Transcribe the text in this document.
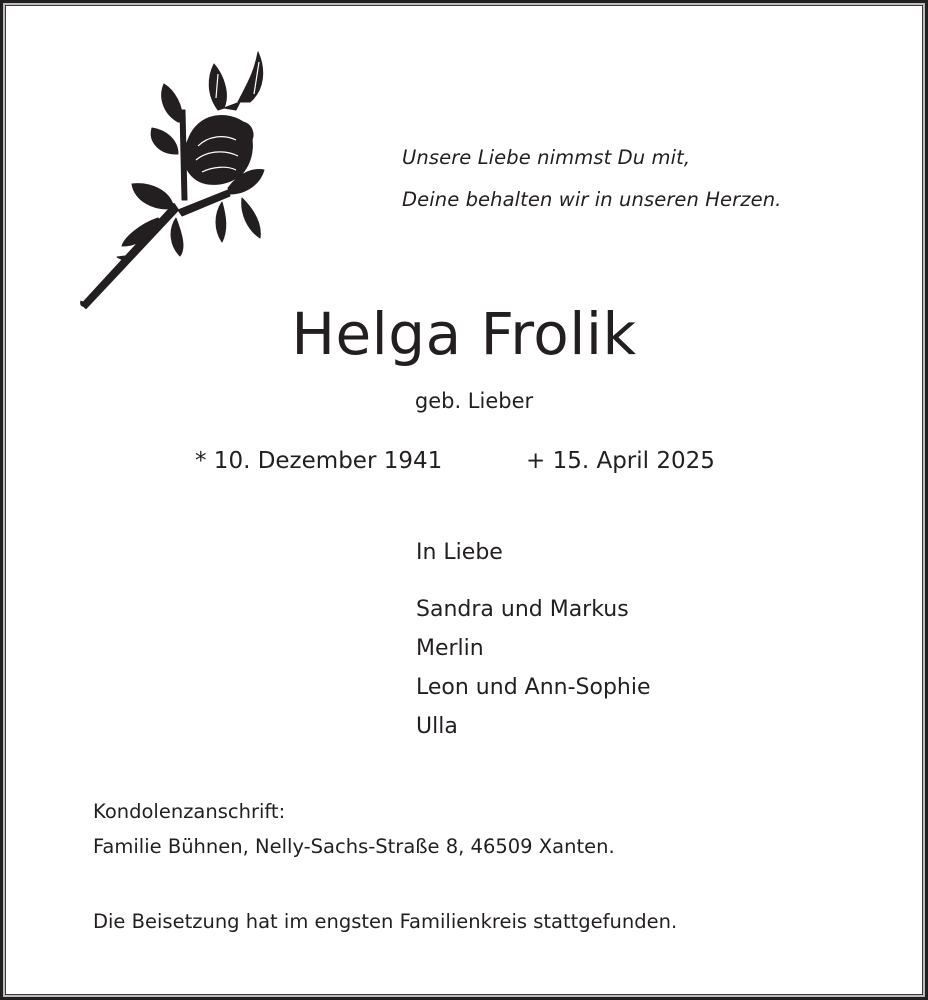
Unsere Liebe nimmst Du mit,
Deine behalten wir in unseren Herzen.
Helga Frolik
geb. Lieber
* 10. Dezember 1941	+ 15. April 2025
In Liebe
Sandra und Markus
Merlin
Leon und Ann-Sophie
Ulla
Kondolenzanschrift:
Familie Bühnen, Nelly-Sachs-Straße 8, 46509 Xanten.
Die Beisetzung hat im engsten Familienkreis stattgefunden.
